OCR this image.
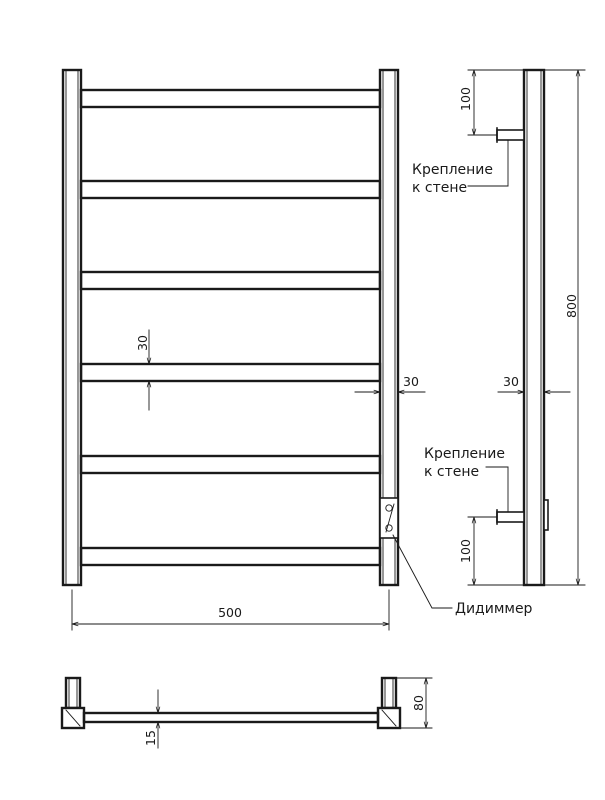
30
30
500	Дидиммер
100
100
800
30
Крепление
к стене
Крепление
к стене
15
80
